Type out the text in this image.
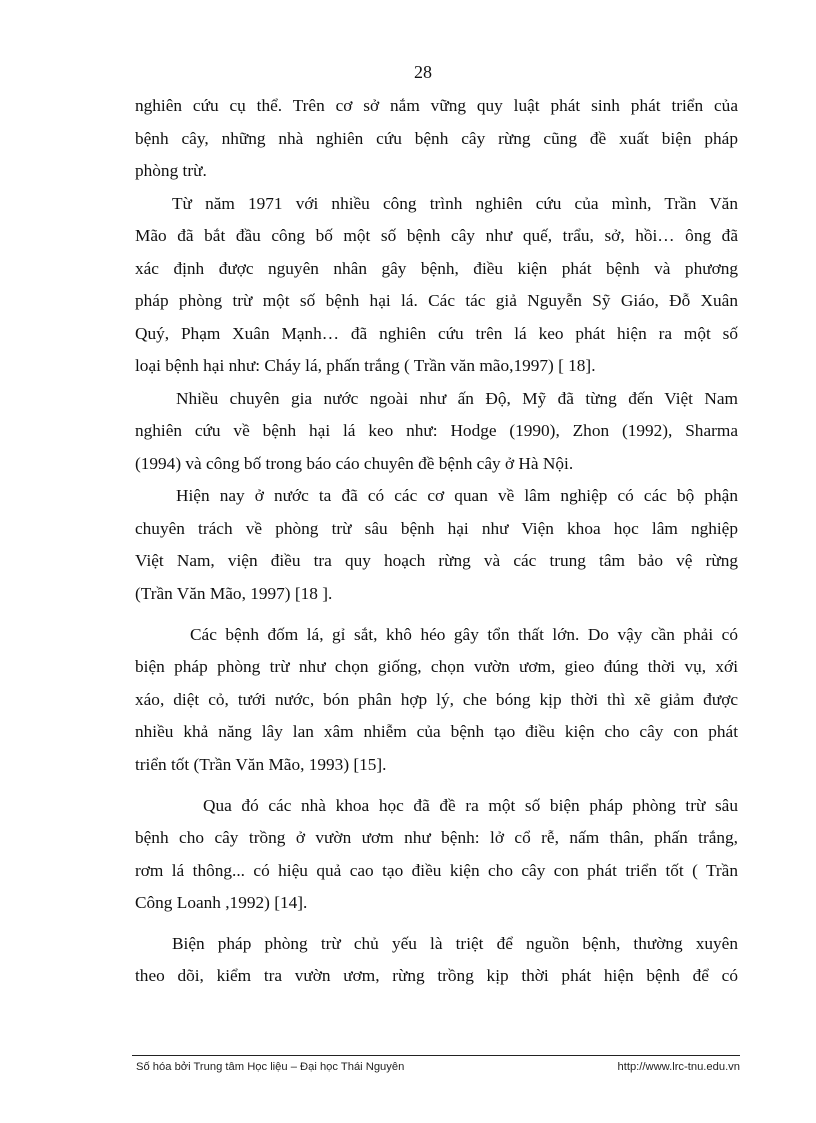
28
nghiên cứu cụ thể. Trên cơ sở nắm vững quy luật phát sinh phát triển của
bệnh cây, những nhà nghiên cứu bệnh cây rừng cũng đề xuất biện pháp
phòng trừ.
Từ năm 1971 với nhiều công trình nghiên cứu của mình, Trần Văn
Mão đã bắt đầu công bố một số bệnh cây như quế, trẩu, sở, hồi… ông đã
xác định được nguyên nhân gây bệnh, điều kiện phát bệnh và phương
pháp phòng trừ một số bệnh hại lá. Các tác giả Nguyễn Sỹ Giáo, Đỗ Xuân
Quý, Phạm Xuân Mạnh… đã nghiên cứu trên lá keo phát hiện ra một số
loại bệnh hại như: Cháy lá, phấn trắng ( Trần văn mão,1997) [ 18].
Nhiều chuyên gia nước ngoài như ấn Độ, Mỹ đã từng đến Việt Nam
nghiên cứu về bệnh hại lá keo như: Hodge (1990), Zhon (1992), Sharma
(1994) và công bố trong báo cáo chuyên đề bệnh cây ở Hà Nội.
Hiện nay ở nước ta đã có các cơ quan về lâm nghiệp có các bộ phận
chuyên trách về phòng trừ sâu bệnh hại như Viện khoa học lâm nghiệp
Việt Nam, viện điều tra quy hoạch rừng và các trung tâm bảo vệ rừng
(Trần Văn Mão, 1997) [18 ].
Các bệnh đốm lá, gỉ sắt, khô héo gây tổn thất lớn. Do vậy cần phải có
biện pháp phòng trừ như chọn giống, chọn vườn ươm, gieo đúng thời vụ, xới
xáo, diệt cỏ, tưới nước, bón phân hợp lý, che bóng kịp thời thì xẽ giảm được
nhiều khả năng lây lan xâm nhiễm của bệnh tạo điều kiện cho cây con phát
triển tốt (Trần Văn Mão, 1993) [15].
Qua đó các nhà khoa học đã đề ra một số biện pháp phòng trừ sâu
bệnh cho cây trồng ở vườn ươm như bệnh: lở cổ rễ, nấm thân, phấn trắng,
rơm lá thông... có hiệu quả cao tạo điều kiện cho cây con phát triển tốt ( Trần
Công Loanh ,1992) [14].
Biện pháp phòng trừ chủ yếu là triệt để nguồn bệnh, thường xuyên
theo dõi, kiểm tra vườn ươm, rừng trồng kịp thời phát hiện bệnh để có
Số hóa bởi Trung tâm Học liệu – Đại học Thái Nguyên	http://www.lrc-tnu.edu.vn
